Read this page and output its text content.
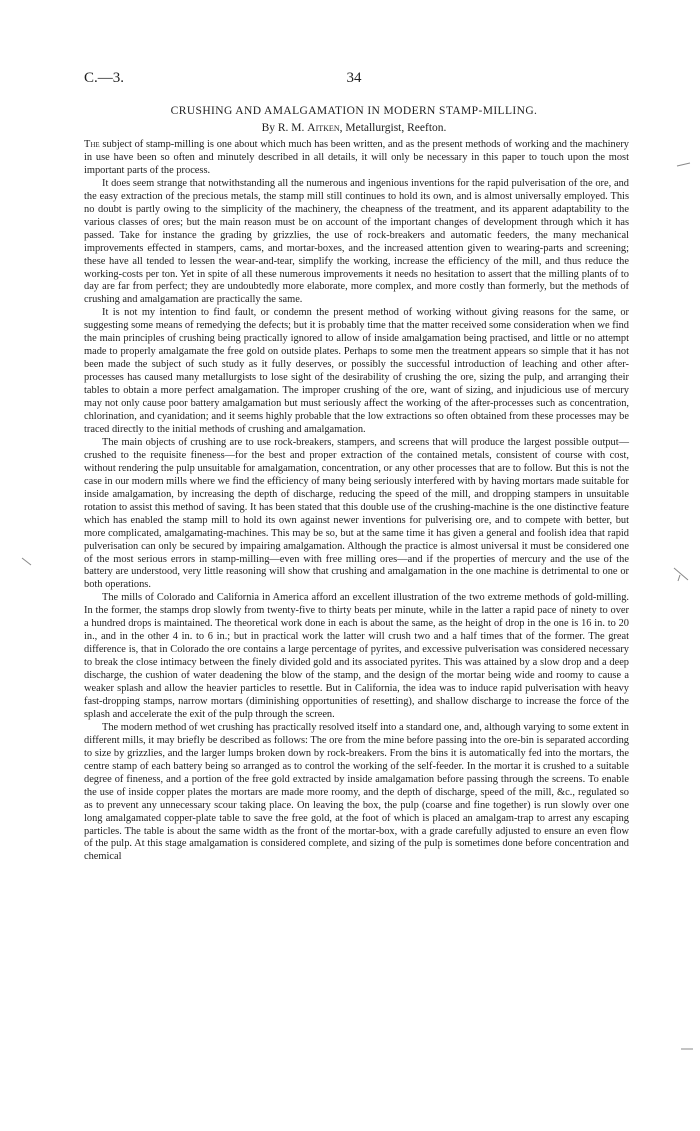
C.—3.	34
CRUSHING AND AMALGAMATION IN MODERN STAMP-MILLING.
By R. M. Aitken, Metallurgist, Reefton.

The subject of stamp-milling is one about which much has been written, and as the present methods of working and the machinery in use have been so often and minutely described in all details, it will only be necessary in this paper to touch upon the most important parts of the process.

It does seem strange that notwithstanding all the numerous and ingenious inventions for the rapid pulverisation of the ore, and the easy extraction of the precious metals, the stamp mill still continues to hold its own, and is almost universally employed. This no doubt is partly owing to the simplicity of the machinery, the cheapness of the treatment, and its apparent adaptability to the various classes of ores; but the main reason must be on account of the important changes of development through which it has passed. Take for instance the grading by grizzlies, the use of rock-breakers and automatic feeders, the many mechanical improvements effected in stampers, cams, and mortar-boxes, and the increased attention given to wearing-parts and screening; these have all tended to lessen the wear-and-tear, simplify the working, increase the efficiency of the mill, and thus reduce the working-costs per ton. Yet in spite of all these numerous improvements it needs no hesitation to assert that the milling plants of to day are far from perfect; they are undoubtedly more elaborate, more complex, and more costly than formerly, but the methods of crushing and amalgamation are practically the same.

It is not my intention to find fault, or condemn the present method of working without giving reasons for the same, or suggesting some means of remedying the defects; but it is probably time that the matter received some consideration when we find the main principles of crushing being practically ignored to allow of inside amalgamation being practised, and little or no attempt made to properly amalgamate the free gold on outside plates. Perhaps to some men the treatment appears so simple that it has not been made the subject of such study as it fully deserves, or possibly the successful introduction of leaching and other after-processes has caused many metallurgists to lose sight of the desirability of crushing the ore, sizing the pulp, and arranging their tables to obtain a more perfect amalgamation. The improper crushing of the ore, want of sizing, and injudicious use of mercury may not only cause poor battery amalgamation but must seriously affect the working of the after-processes such as concentration, chlorination, and cyanidation; and it seems highly probable that the low extractions so often obtained from these processes may be traced directly to the initial methods of crushing and amalgamation.

The main objects of crushing are to use rock-breakers, stampers, and screens that will produce the largest possible output—crushed to the requisite fineness—for the best and proper extraction of the contained metals, consistent of course with cost, without rendering the pulp unsuitable for amalgamation, concentration, or any other processes that are to follow. But this is not the case in our modern mills where we find the efficiency of many being seriously interfered with by having mortars made suitable for inside amalgamation, by increasing the depth of discharge, reducing the speed of the mill, and dropping stampers in unsuitable rotation to assist this method of saving. It has been stated that this double use of the crushing-machine is the one distinctive feature which has enabled the stamp mill to hold its own against newer inventions for pulverising ore, and to compete with better, but more complicated, amalgamating-machines. This may be so, but at the same time it has given a general and foolish idea that rapid pulverisation can only be secured by impairing amalgamation. Although the practice is almost universal it must be considered one of the most serious errors in stamp-milling—even with free milling ores—and if the properties of mercury and the use of the battery are understood, very little reasoning will show that crushing and amalgamation in the one machine is detrimental to one or both operations.

The mills of Colorado and California in America afford an excellent illustration of the two extreme methods of gold-milling. In the former, the stamps drop slowly from twenty-five to thirty beats per minute, while in the latter a rapid pace of ninety to over a hundred drops is maintained. The theoretical work done in each is about the same, as the height of drop in the one is 16 in. to 20 in., and in the other 4 in. to 6 in.; but in practical work the latter will crush two and a half times that of the former. The great difference is, that in Colorado the ore contains a large percentage of pyrites, and excessive pulverisation was considered necessary to break the close intimacy between the finely divided gold and its associated pyrites. This was attained by a slow drop and a deep discharge, the cushion of water deadening the blow of the stamp, and the design of the mortar being wide and roomy to cause a weaker splash and allow the heavier particles to resettle. But in California, the idea was to induce rapid pulverisation with heavy fast-dropping stamps, narrow mortars (diminishing opportunities of resetting), and shallow discharge to increase the force of the splash and accelerate the exit of the pulp through the screen.

The modern method of wet crushing has practically resolved itself into a standard one, and, although varying to some extent in different mills, it may briefly be described as follows: The ore from the mine before passing into the ore-bin is separated according to size by grizzlies, and the larger lumps broken down by rock-breakers. From the bins it is automatically fed into the mortars, the centre stamp of each battery being so arranged as to control the working of the self-feeder. In the mortar it is crushed to a suitable degree of fineness, and a portion of the free gold extracted by inside amalgamation before passing through the screens. To enable the use of inside copper plates the mortars are made more roomy, and the depth of discharge, speed of the mill, &c., regulated so as to prevent any unnecessary scour taking place. On leaving the box, the pulp (coarse and fine together) is run slowly over one long amalgamated copper-plate table to save the free gold, at the foot of which is placed an amalgam-trap to arrest any escaping particles. The table is about the same width as the front of the mortar-box, with a grade carefully adjusted to ensure an even flow of the pulp. At this stage amalgamation is considered complete, and sizing of the pulp is sometimes done before concentration and chemical
